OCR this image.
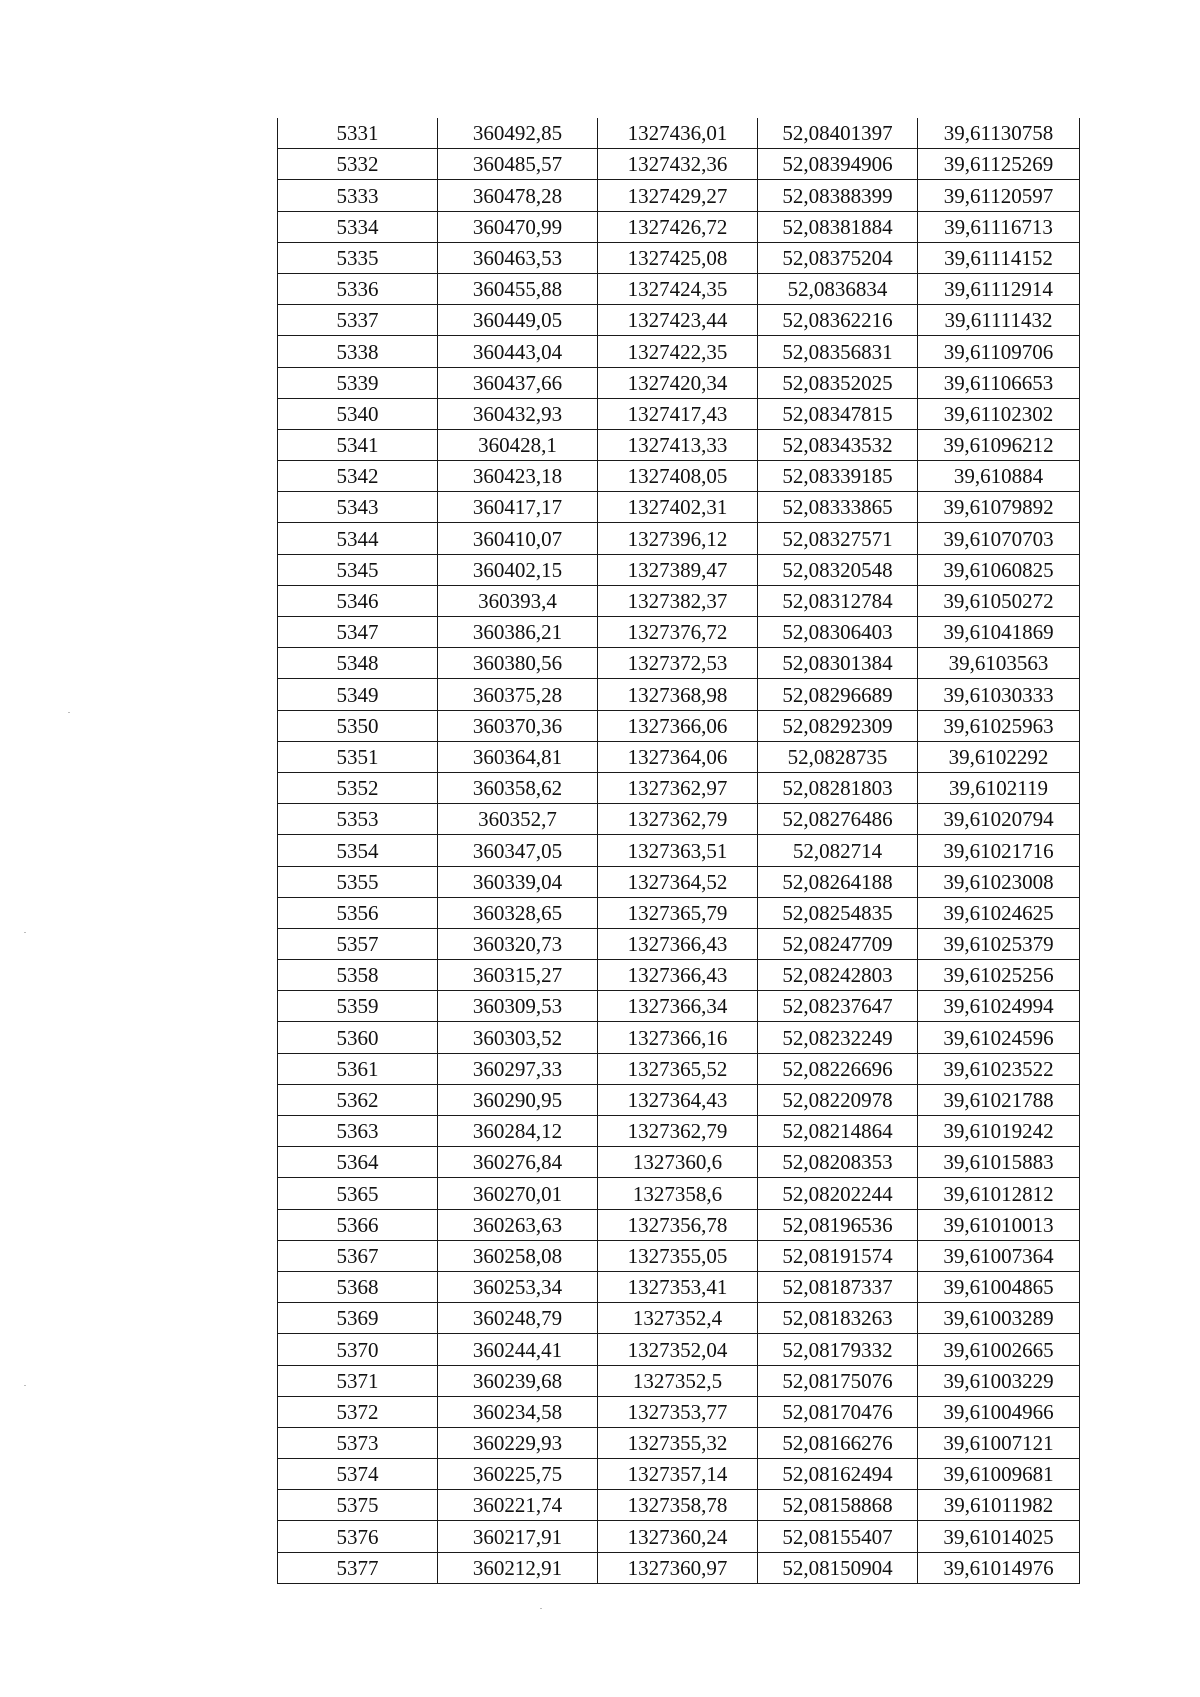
5331	360492,85	1327436,01	52,08401397	39,61130758
5332	360485,57	1327432,36	52,08394906	39,61125269
5333	360478,28	1327429,27	52,08388399	39,61120597
5334	360470,99	1327426,72	52,08381884	39,61116713
5335	360463,53	1327425,08	52,08375204	39,61114152
5336	360455,88	1327424,35	52,0836834	39,61112914
5337	360449,05	1327423,44	52,08362216	39,61111432
5338	360443,04	1327422,35	52,08356831	39,61109706
5339	360437,66	1327420,34	52,08352025	39,61106653
5340	360432,93	1327417,43	52,08347815	39,61102302
5341	360428,1	1327413,33	52,08343532	39,61096212
5342	360423,18	1327408,05	52,08339185	39,610884
5343	360417,17	1327402,31	52,08333865	39,61079892
5344	360410,07	1327396,12	52,08327571	39,61070703
5345	360402,15	1327389,47	52,08320548	39,61060825
5346	360393,4	1327382,37	52,08312784	39,61050272
5347	360386,21	1327376,72	52,08306403	39,61041869
5348	360380,56	1327372,53	52,08301384	39,6103563
5349	360375,28	1327368,98	52,08296689	39,61030333
5350	360370,36	1327366,06	52,08292309	39,61025963
5351	360364,81	1327364,06	52,0828735	39,6102292
5352	360358,62	1327362,97	52,08281803	39,6102119
5353	360352,7	1327362,79	52,08276486	39,61020794
5354	360347,05	1327363,51	52,082714	39,61021716
5355	360339,04	1327364,52	52,08264188	39,61023008
5356	360328,65	1327365,79	52,08254835	39,61024625
5357	360320,73	1327366,43	52,08247709	39,61025379
5358	360315,27	1327366,43	52,08242803	39,61025256
5359	360309,53	1327366,34	52,08237647	39,61024994
5360	360303,52	1327366,16	52,08232249	39,61024596
5361	360297,33	1327365,52	52,08226696	39,61023522
5362	360290,95	1327364,43	52,08220978	39,61021788
5363	360284,12	1327362,79	52,08214864	39,61019242
5364	360276,84	1327360,6	52,08208353	39,61015883
5365	360270,01	1327358,6	52,08202244	39,61012812
5366	360263,63	1327356,78	52,08196536	39,61010013
5367	360258,08	1327355,05	52,08191574	39,61007364
5368	360253,34	1327353,41	52,08187337	39,61004865
5369	360248,79	1327352,4	52,08183263	39,61003289
5370	360244,41	1327352,04	52,08179332	39,61002665
5371	360239,68	1327352,5	52,08175076	39,61003229
5372	360234,58	1327353,77	52,08170476	39,61004966
5373	360229,93	1327355,32	52,08166276	39,61007121
5374	360225,75	1327357,14	52,08162494	39,61009681
5375	360221,74	1327358,78	52,08158868	39,61011982
5376	360217,91	1327360,24	52,08155407	39,61014025
5377	360212,91	1327360,97	52,08150904	39,61014976
